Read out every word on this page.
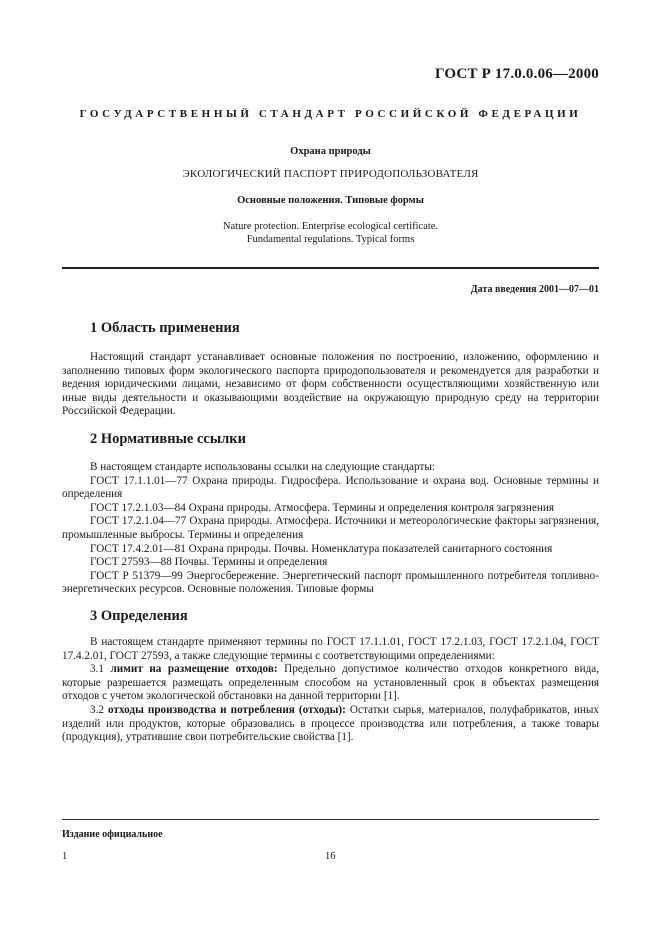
ГОСТ Р 17.0.0.06—2000
ГОСУДАРСТВЕННЫЙ СТАНДАРТ РОССИЙСКОЙ ФЕДЕРАЦИИ
Охрана природы
ЭКОЛОГИЧЕСКИЙ ПАСПОРТ ПРИРОДОПОЛЬЗОВАТЕЛЯ
Основные положения. Типовые формы
Nature protection. Enterprise ecological certificate.
Fundamental regulations. Typical forms
Дата введения 2001—07—01
1 Область применения

Настоящий стандарт устанавливает основные положения по построению, изложению, оформлению и заполнению типовых форм экологического паспорта природопользователя и рекомендуется для разработки и ведения юридическими лицами, независимо от форм собственности осуществляющими хозяйственную или иные виды деятельности и оказывающими воздействие на окружающую природную среду на территории Российской Федерации.

2 Нормативные ссылки

В настоящем стандарте использованы ссылки на следующие стандарты:

ГОСТ 17.1.1.01—77 Охрана природы. Гидросфера. Использование и охрана вод. Основные термины и определения

ГОСТ 17.2.1.03—84 Охрана природы. Атмосфера. Термины и определения контроля загрязнения

ГОСТ 17.2.1.04—77 Охрана природы. Атмосфера. Источники и метеорологические факторы загрязнения, промышленные выбросы. Термины и определения

ГОСТ 17.4.2.01—81 Охрана природы. Почвы. Номенклатура показателей санитарного состояния

ГОСТ 27593—88 Почвы. Термины и определения

ГОСТ Р 51379—99 Энергосбережение. Энергетический паспорт промышленного потребителя топливно-энергетических ресурсов. Основные положения. Типовые формы

3 Определения

В настоящем стандарте применяют термины по ГОСТ 17.1.1.01, ГОСТ 17.2.1.03, ГОСТ 17.2.1.04, ГОСТ 17.4.2.01, ГОСТ 27593, а также следующие термины с соответствующими определениями:

3.1 лимит на размещение отходов: Предельно допустимое количество отходов конкретного вида, которые разрешается размещать определенным способом на установленный срок в объектах размещения отходов с учетом экологической обстановки на данной территории [1].

3.2 отходы производства и потребления (отходы): Остатки сырья, материалов, полуфабрикатов, иных изделий или продуктов, которые образовались в процессе производства или потребления, а также товары (продукция), утратившие свои потребительские свойства [1].

Издание официальное
1	16
